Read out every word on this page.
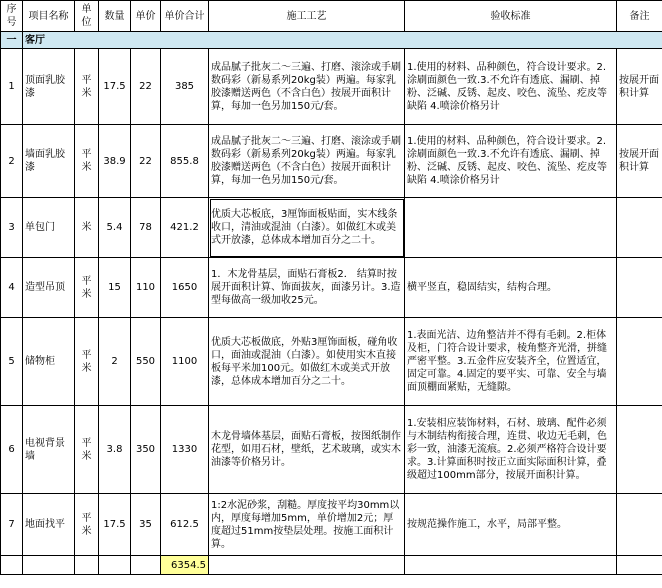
序号	项目名称	单位	数量	单价	单价合计	施工工艺	验收标准	备注
一	客厅							
1	顶面乳胶漆	平米	17.5	22	385	成品腻子批灰二～三遍、打磨、滚涂或手刷数码彩（新易系列20kg装）两遍。每家乳胶漆赠送两色（不含白色）按展开面积计算，每加一色另加150元/套。	1.使用的材料、品种颜色，符合设计要求。2.涂刷面颜色一致.3.不允许有透底、漏刷、掉粉、泛碱、反锈、起皮、咬色、流坠、疙皮等缺陷 4.喷涂价格另计	按展开面积计算
2	墙面乳胶漆	平米	38.9	22	855.8	成品腻子批灰二～三遍、打磨、滚涂或手刷数码彩（新易系列20kg装）两遍。每家乳胶漆赠送两色（不含白色）按展开面积计算，每加一色另加150元/套。	1.使用的材料、品种颜色，符合设计要求。2.涂刷面颜色一致.3.不允许有透底、漏刷、掉粉、泛碱、反锈、起皮、咬色、流坠、疙皮等缺陷 4.喷涂价格另计	按展开面积计算
3	单包门	米	5.4	78	421.2	优质大芯板底，3厘饰面板贴面，实木线条收口，清油或混油（白漆）。如做红木或美式开放漆，总体成本增加百分之二十。		
4	造型吊顶	平米	15	110	1650	1．木龙骨基层，面贴石膏板2． 结算时按展开面积计算、饰面拔灰，面漆另计。3.造型每做高一级加收25元。	横平竖直，稳固结实，结构合理。	
5	储物柜	平米	2	550	1100	优质大芯板做底，外贴3厘饰面板，碰角收口，面油或混油（白漆）。如使用实木直接板每平米加100元。如做红木或美式开放漆，总体成本增加百分之二十。	1.表面光洁、边角整洁并不得有毛刺。2.柜体及柜，门符合设计要求，棱角整齐光滑，拼缝严密平整。3.五金件应安装齐全，位置适宜，固定可靠。4.固定的要平实、可靠、安全与墙面顶棚面紧贴，无缝隙。	
6	电视背景墙	平米	3.8	350	1330	木龙骨墙体基层，面贴石膏板，按图纸制作花型，如用石材，壁纸，艺术玻璃，或实木油漆等价格另计。	1.安装相应装饰材料，石材、玻璃、配件必须与木制结构衔接合理，连贯、收边无毛刺，色彩一致，油漆无流痕。2.必须严格符合设计要求。3.计算面积时按正立面实际面积计算，叠级超过100mm部分，按展开面积计算。	
7	地面找平	平米	17.5	35	612.5	1:2水泥砂浆，刮糙。厚度按平均30mm以内，厚度每增加5mm，单价增加2元；厚度超过51mm按垫层处理。按施工面积计算。	按规范操作施工，水平，局部平整。	
					6354.5			
